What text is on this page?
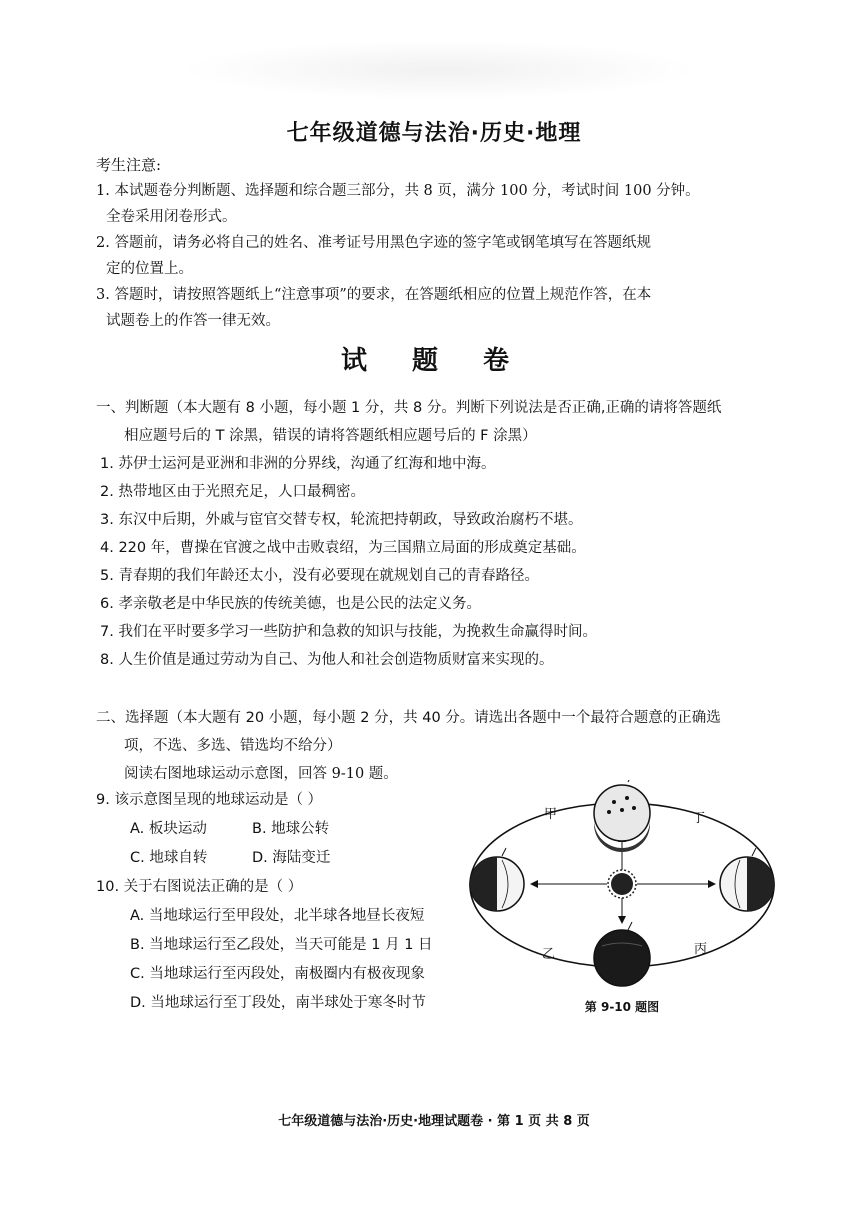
七年级道德与法治·历史·地理
考生注意:
1. 本试题卷分判断题、选择题和综合题三部分，共 8 页，满分 100 分，考试时间 100 分钟。
全卷采用闭卷形式。
2. 答题前，请务必将自己的姓名、准考证号用黑色字迹的签字笔或钢笔填写在答题纸规
定的位置上。
3. 答题时，请按照答题纸上“注意事项”的要求，在答题纸相应的位置上规范作答，在本
试题卷上的作答一律无效。
试 题 卷
一、判断题（本大题有 8 小题，每小题 1 分，共 8 分。判断下列说法是否正确,正确的请将答题纸
相应题号后的 T 涂黑，错误的请将答题纸相应题号后的 F 涂黑）
1. 苏伊士运河是亚洲和非洲的分界线，沟通了红海和地中海。
2. 热带地区由于光照充足，人口最稠密。
3. 东汉中后期，外戚与宦官交替专权，轮流把持朝政，导致政治腐朽不堪。
4. 220 年，曹操在官渡之战中击败袁绍，为三国鼎立局面的形成奠定基础。
5. 青春期的我们年龄还太小，没有必要现在就规划自己的青春路径。
6. 孝亲敬老是中华民族的传统美德，也是公民的法定义务。
7. 我们在平时要多学习一些防护和急救的知识与技能，为挽救生命赢得时间。
8. 人生价值是通过劳动为自己、为他人和社会创造物质财富来实现的。
二、选择题（本大题有 20 小题，每小题 2 分，共 40 分。请选出各题中一个最符合题意的正确选
项，不选、多选、错选均不给分）
阅读右图地球运动示意图，回答 9-10 题。
9. 该示意图呈现的地球运动是（ ）
A. 板块运动	B. 地球公转
C. 地球自转	D. 海陆变迁
10. 关于右图说法正确的是（ ）
A. 当地球运行至甲段处，北半球各地昼长夜短
B. 当地球运行至乙段处，当天可能是 1 月 1 日
C. 当地球运行至丙段处，南极圈内有极夜现象
D. 当地球运行至丁段处，南半球处于寒冬时节
甲	丁
乙	丙
第 9-10 题图
七年级道德与法治·历史·地理试题卷 · 第 1 页 共 8 页
